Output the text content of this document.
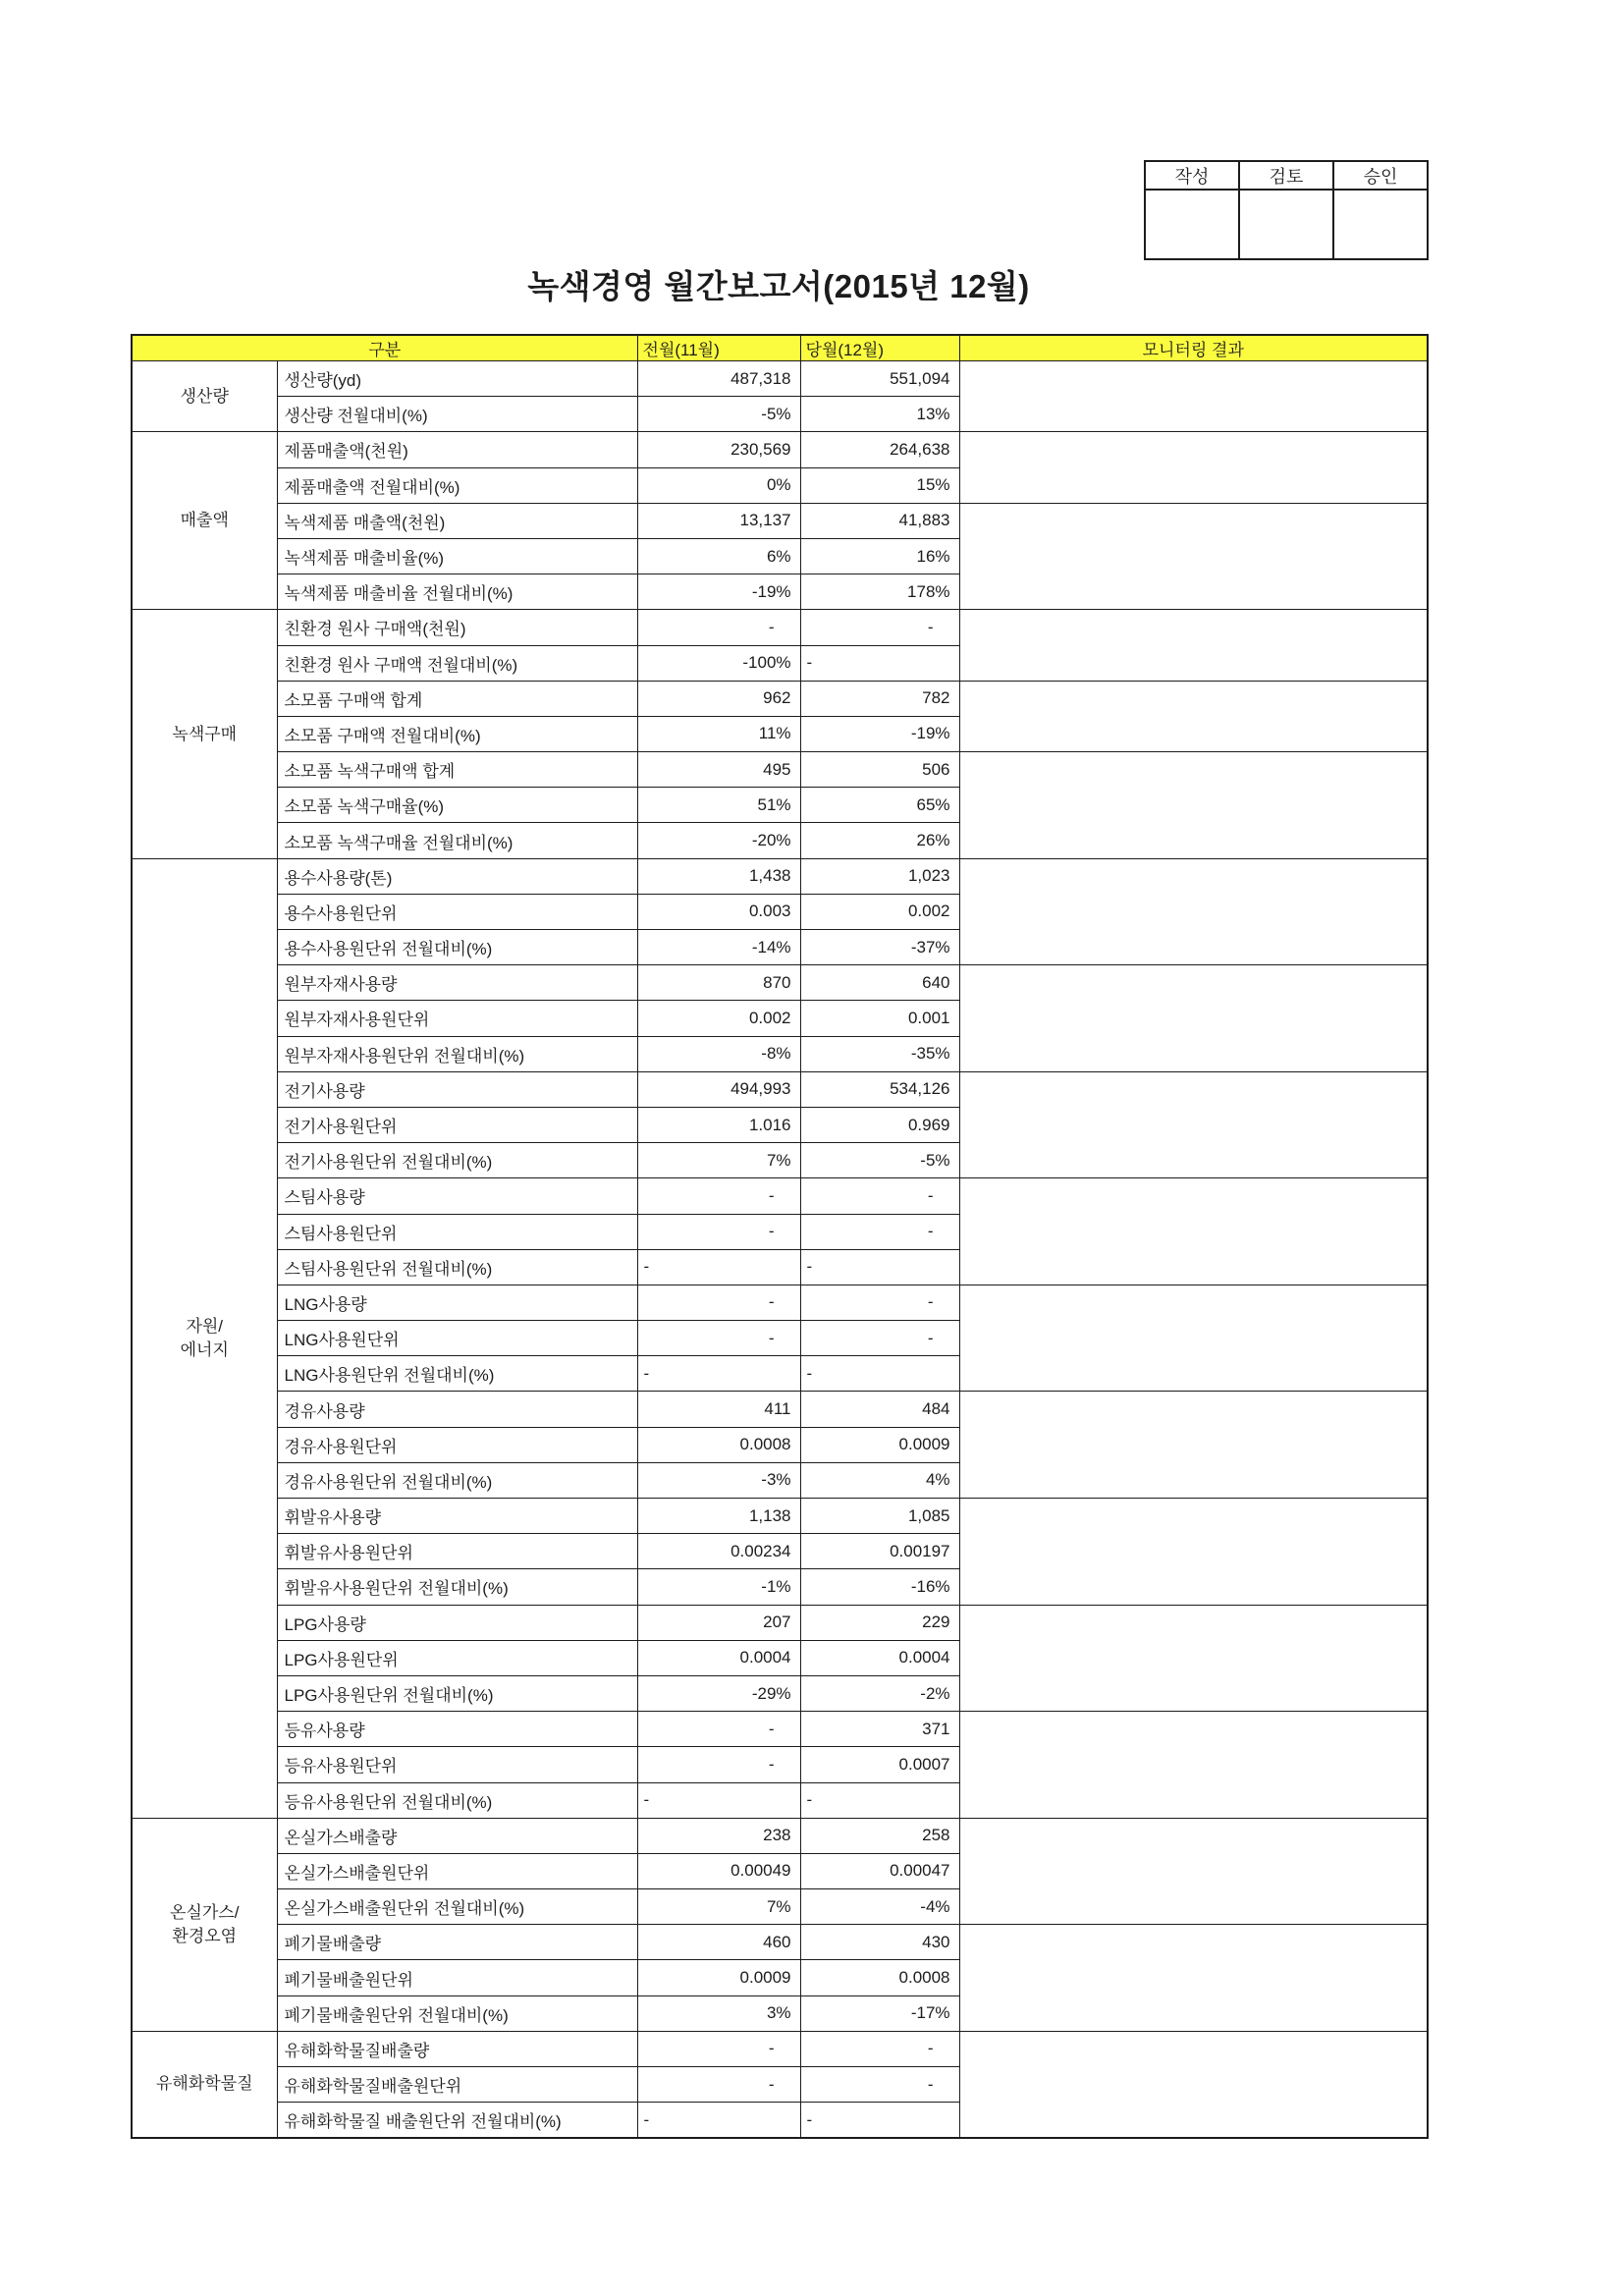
작성	검토	승인

녹색경영 월간보고서(2015년 12월)
구분		전월(11월)	당월(12월)	모니터링 결과

생산량	생산량(yd)	487,318	551,094	
	생산량 전월대비(%)	-5%	13%	

매출액	제품매출액(천원)	230,569	264,638	
	제품매출액 전월대비(%)	0%	15%	
	녹색제품 매출액(천원)	13,137	41,883	
	녹색제품 매출비율(%)	6%	16%	
	녹색제품 매출비율 전월대비(%)	-19%	178%	

녹색구매	친환경 원사 구매액(천원)	-	-	
	친환경 원사 구매액 전월대비(%)	-100%	-	
	소모품 구매액 합계	962	782	
	소모품 구매액 전월대비(%)	11%	-19%	
	소모품 녹색구매액 합계	495	506	
	소모품 녹색구매율(%)	51%	65%	
	소모품 녹색구매율 전월대비(%)	-20%	26%	

자원/
에너지	용수사용량(톤)	1,438	1,023	
	용수사용원단위	0.003	0.002	
	용수사용원단위 전월대비(%)	-14%	-37%	
	원부자재사용량	870	640	
	원부자재사용원단위	0.002	0.001	
	원부자재사용원단위 전월대비(%)	-8%	-35%	
	전기사용량	494,993	534,126	
	전기사용원단위	1.016	0.969	
	전기사용원단위 전월대비(%)	7%	-5%	
	스팀사용량	-	-	
	스팀사용원단위	-	-	
	스팀사용원단위 전월대비(%)	-	-	
	LNG사용량	-	-	
	LNG사용원단위	-	-	
	LNG사용원단위 전월대비(%)	-	-	
	경유사용량	411	484	
	경유사용원단위	0.0008	0.0009	
	경유사용원단위 전월대비(%)	-3%	4%	
	휘발유사용량	1,138	1,085	
	휘발유사용원단위	0.00234	0.00197	
	휘발유사용원단위 전월대비(%)	-1%	-16%	
	LPG사용량	207	229	
	LPG사용원단위	0.0004	0.0004	
	LPG사용원단위 전월대비(%)	-29%	-2%	
	등유사용량	-	371	
	등유사용원단위	-	0.0007	
	등유사용원단위 전월대비(%)	-	-	

온실가스/
환경오염	온실가스배출량	238	258	
	온실가스배출원단위	0.00049	0.00047	
	온실가스배출원단위 전월대비(%)	7%	-4%	
	폐기물배출량	460	430	
	폐기물배출원단위	0.0009	0.0008	
	폐기물배출원단위 전월대비(%)	3%	-17%	

유해화학물질	유해화학물질배출량	-	-	
	유해화학물질배출원단위	-	-	
	유해화학물질 배출원단위 전월대비(%)	-	-	
